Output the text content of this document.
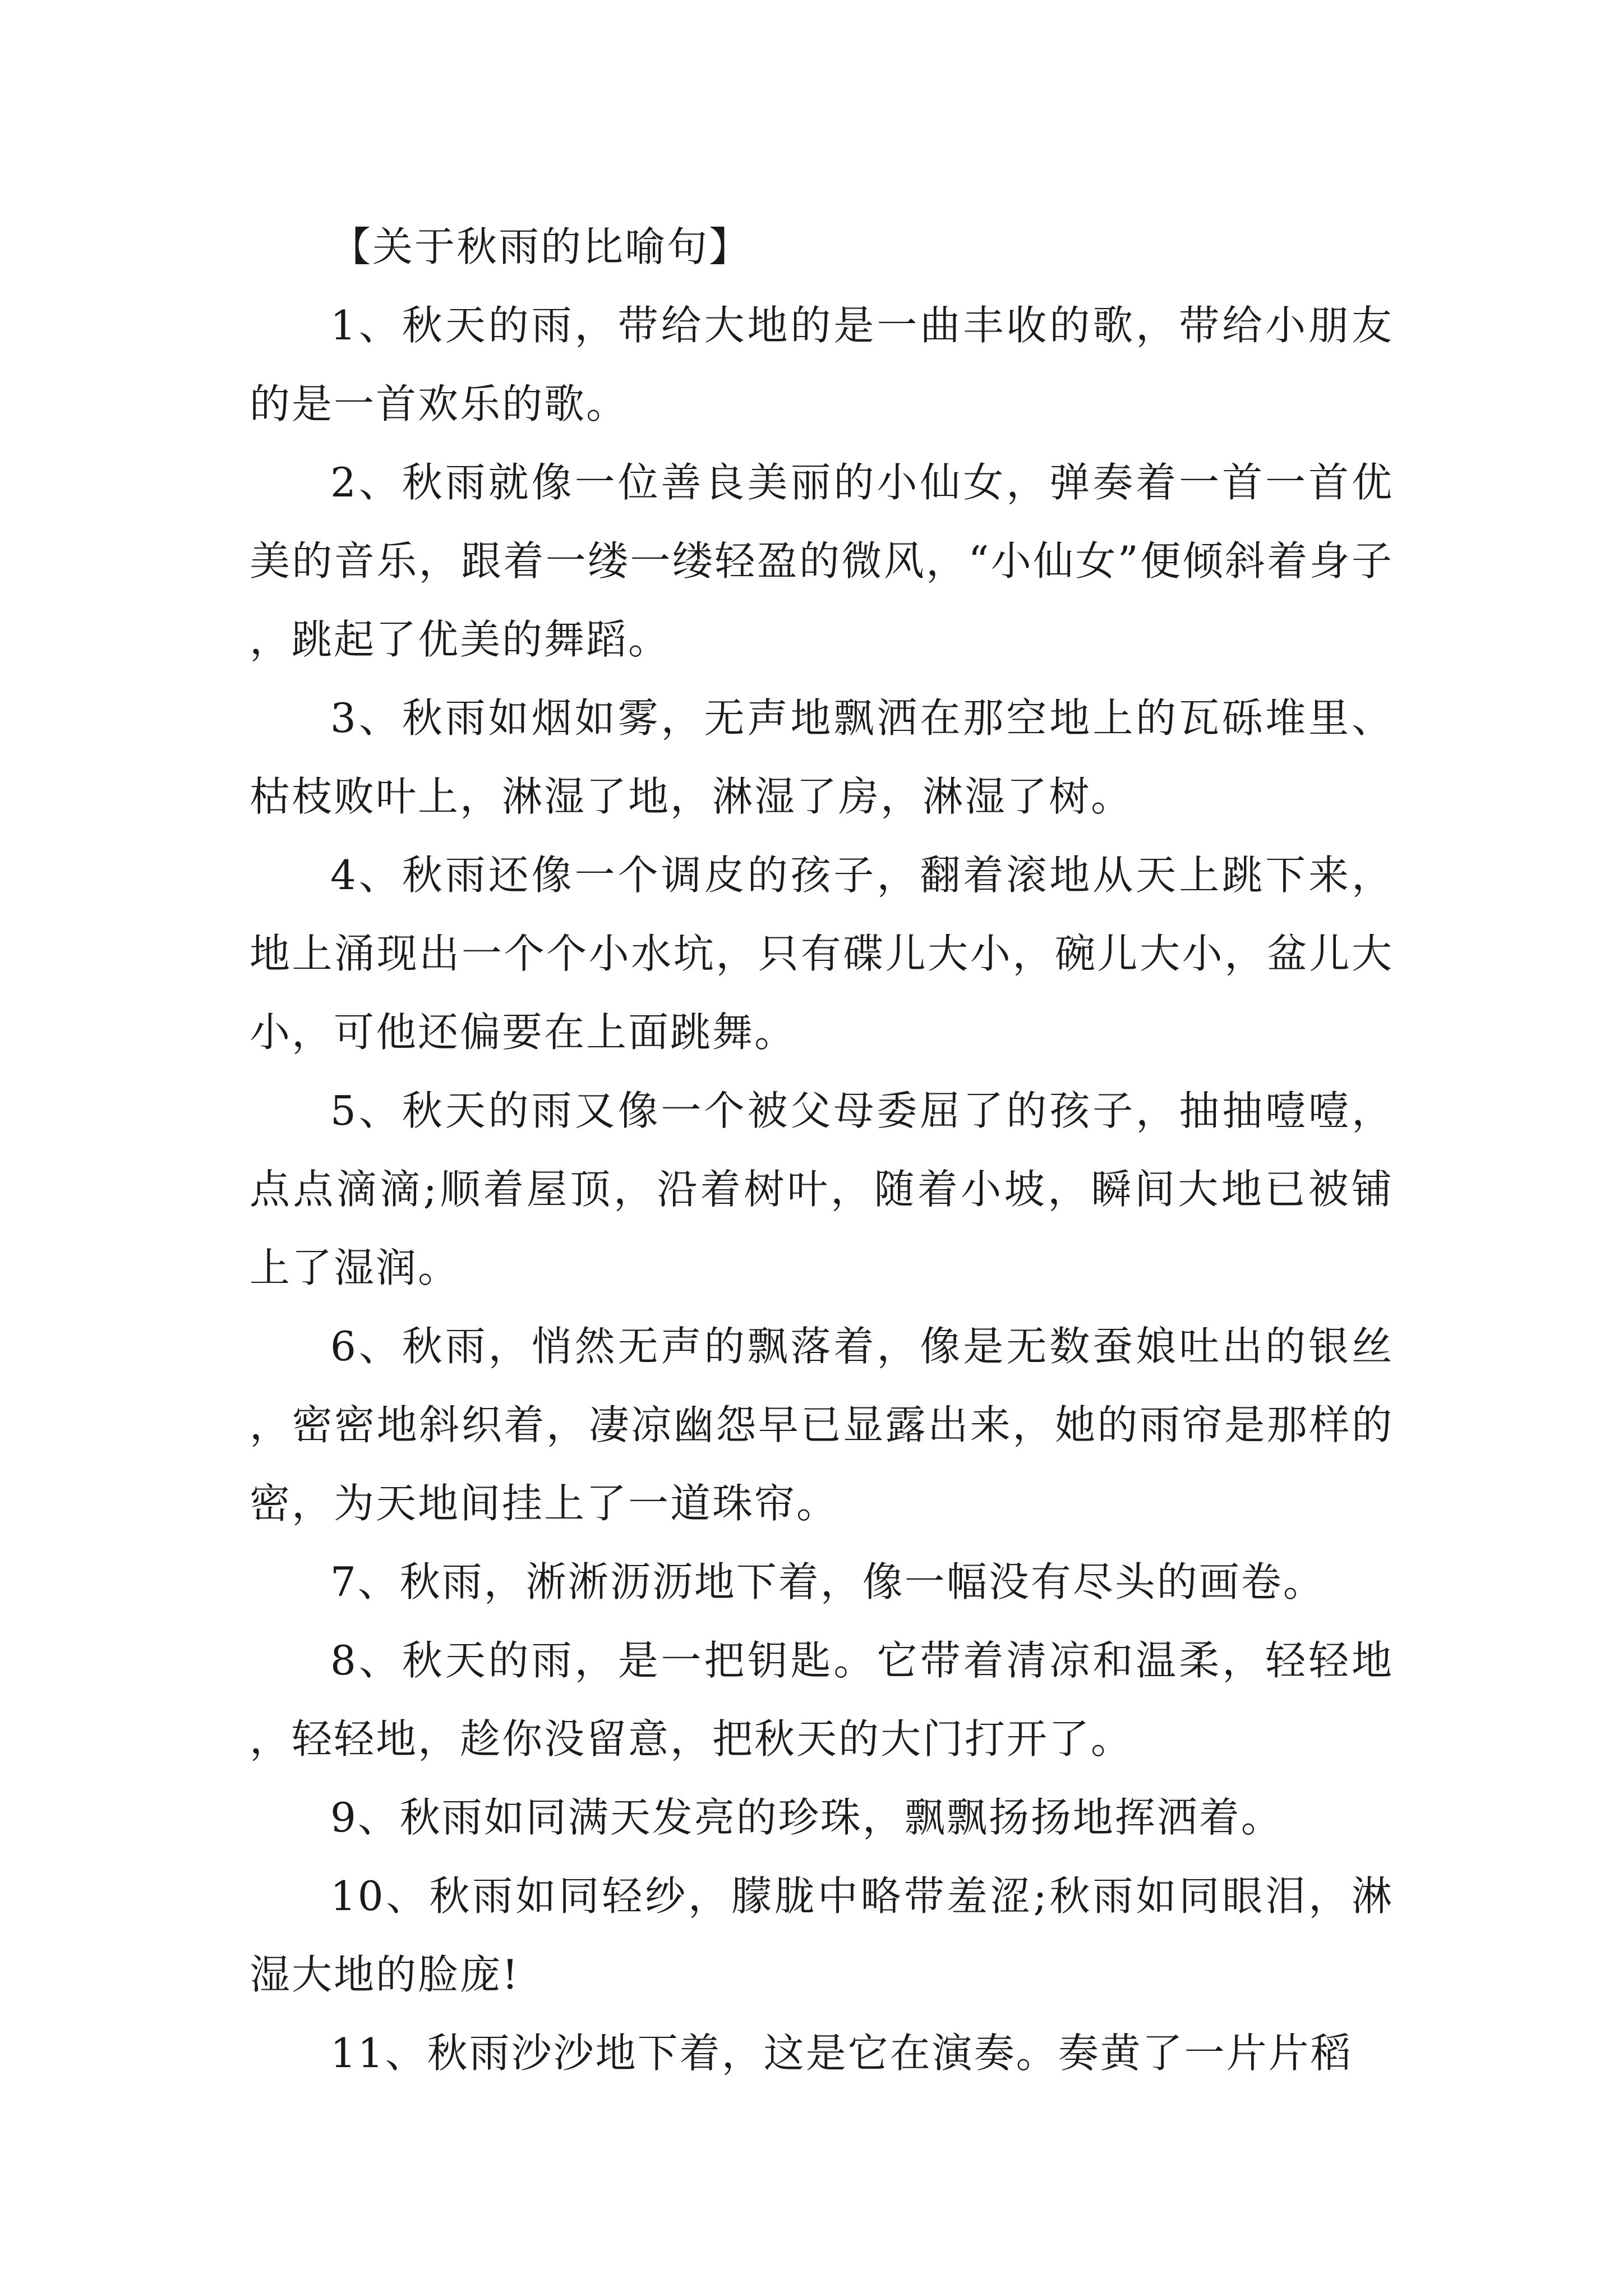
【关于秋雨的比喻句】

1、秋天的雨，带给大地的是一曲丰收的歌，带给小朋友的是一首欢乐的歌。

2、秋雨就像一位善良美丽的小仙女，弹奏着一首一首优美的音乐，跟着一缕一缕轻盈的微风，“小仙女”便倾斜着身子，跳起了优美的舞蹈。

3、秋雨如烟如雾，无声地飘洒在那空地上的瓦砾堆里、枯枝败叶上，淋湿了地，淋湿了房，淋湿了树。

4、秋雨还像一个调皮的孩子，翻着滚地从天上跳下来，地上涌现出一个个小水坑，只有碟儿大小，碗儿大小，盆儿大小，可他还偏要在上面跳舞。

5、秋天的雨又像一个被父母委屈了的孩子，抽抽噎噎，点点滴滴;顺着屋顶，沿着树叶，随着小坡，瞬间大地已被铺上了湿润。

6、秋雨，悄然无声的飘落着，像是无数蚕娘吐出的银丝，密密地斜织着，凄凉幽怨早已显露出来，她的雨帘是那样的密，为天地间挂上了一道珠帘。

7、秋雨，淅淅沥沥地下着，像一幅没有尽头的画卷。

8、秋天的雨，是一把钥匙。它带着清凉和温柔，轻轻地，轻轻地，趁你没留意，把秋天的大门打开了。

9、秋雨如同满天发亮的珍珠，飘飘扬扬地挥洒着。

10、秋雨如同轻纱，朦胧中略带羞涩;秋雨如同眼泪，淋湿大地的脸庞!

11、秋雨沙沙地下着，这是它在演奏。奏黄了一片片稻
